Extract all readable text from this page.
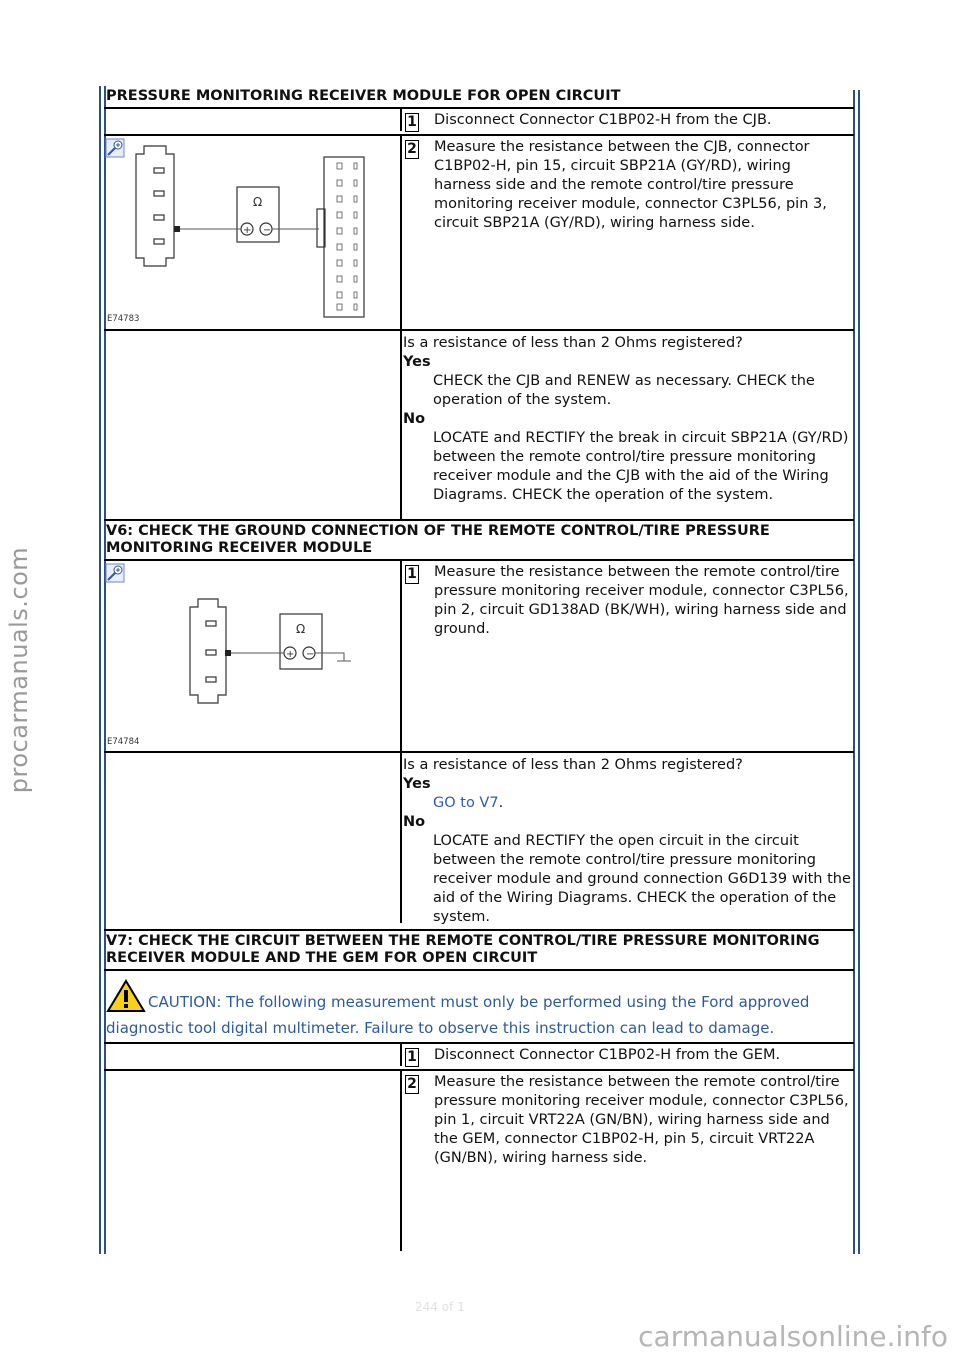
procarmanuals.com
carmanualsonline.info
244 of 1
PRESSURE MONITORING RECEIVER MODULE FOR OPEN CIRCUIT
1 Disconnect Connector C1BP02-H from the CJB.
Ω
+ −
E74783
2 Measure the resistance between the CJB, connector C1BP02-H, pin 15, circuit SBP21A (GY/RD), wiring harness side and the remote control/tire pressure monitoring receiver module, connector C3PL56, pin 3, circuit SBP21A (GY/RD), wiring harness side.
Is a resistance of less than 2 Ohms registered?
Yes
CHECK the CJB and RENEW as necessary. CHECK the operation of the system.
No
LOCATE and RECTIFY the break in circuit SBP21A (GY/RD) between the remote control/tire pressure monitoring receiver module and the CJB with the aid of the Wiring Diagrams. CHECK the operation of the system.
V6: CHECK THE GROUND CONNECTION OF THE REMOTE CONTROL/TIRE PRESSURE MONITORING RECEIVER MODULE
Ω
+ −
E74784
1 Measure the resistance between the remote control/tire pressure monitoring receiver module, connector C3PL56, pin 2, circuit GD138AD (BK/WH), wiring harness side and ground.
Is a resistance of less than 2 Ohms registered?
Yes
GO to V7.
No
LOCATE and RECTIFY the open circuit in the circuit between the remote control/tire pressure monitoring receiver module and ground connection G6D139 with the aid of the Wiring Diagrams. CHECK the operation of the system.
V7: CHECK THE CIRCUIT BETWEEN THE REMOTE CONTROL/TIRE PRESSURE MONITORING RECEIVER MODULE AND THE GEM FOR OPEN CIRCUIT
CAUTION: The following measurement must only be performed using the Ford approved diagnostic tool digital multimeter. Failure to observe this instruction can lead to damage.
1 Disconnect Connector C1BP02-H from the GEM.
2 Measure the resistance between the remote control/tire pressure monitoring receiver module, connector C3PL56, pin 1, circuit VRT22A (GN/BN), wiring harness side and the GEM, connector C1BP02-H, pin 5, circuit VRT22A (GN/BN), wiring harness side.
